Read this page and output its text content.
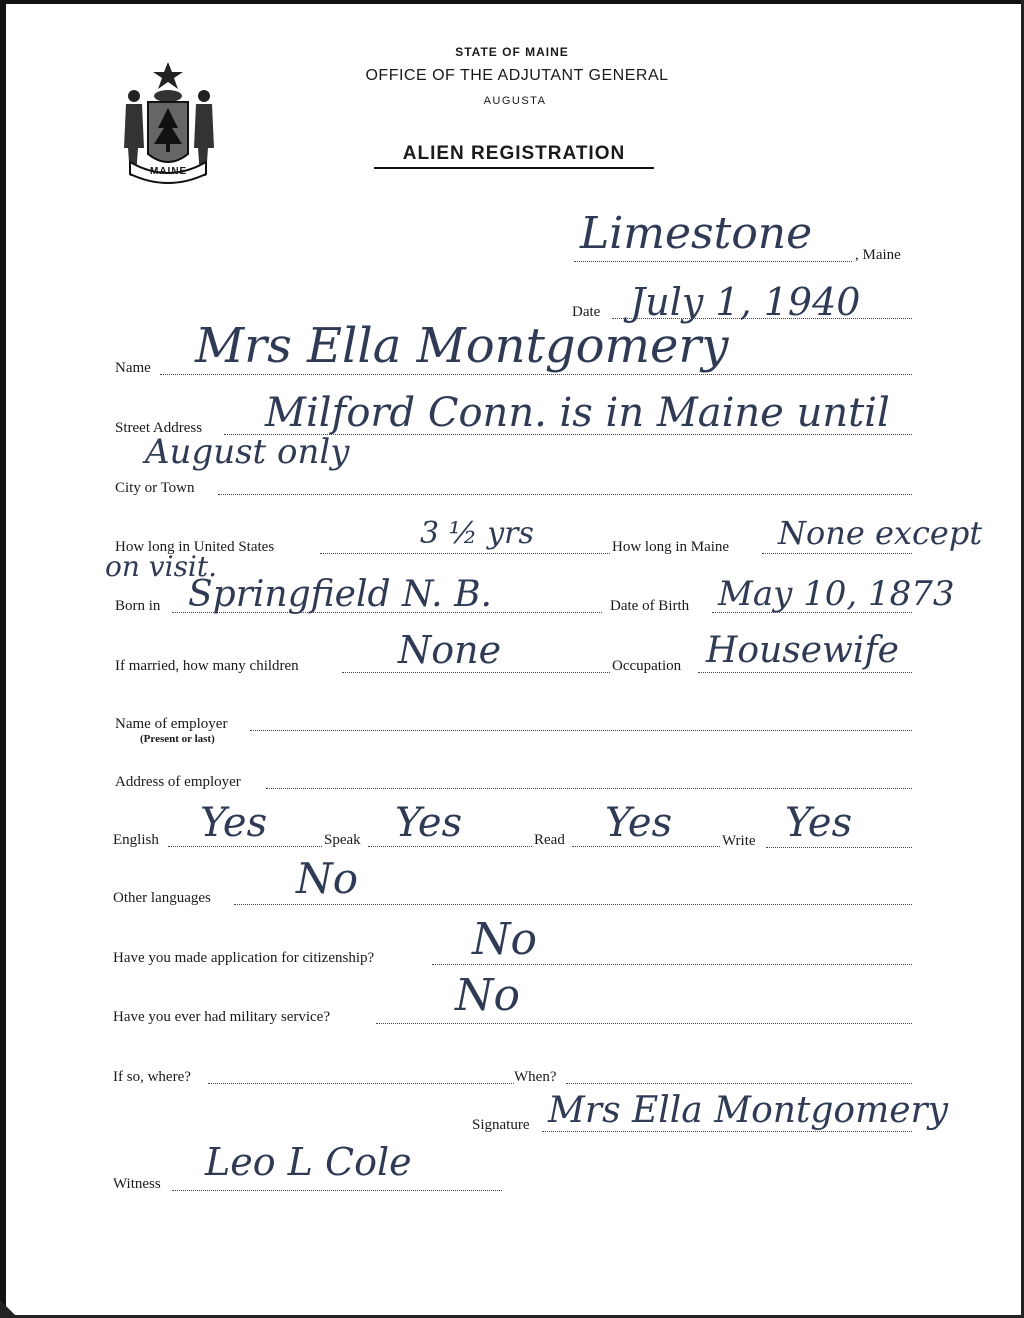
MAINE
STATE OF MAINE
OFFICE OF THE ADJUTANT GENERAL
AUGUSTA
ALIEN REGISTRATION
Limestone	, Maine
Date July 1, 1940
Name Mrs Ella Montgomery
Street Address Milford Conn. is in Maine until
August only
City or Town
How long in United States	3 ½ yrs	How long in Maine None except
on visit.
Born in Springfield N. B.	Date of Birth May 10, 1873
If married, how many children	None	Occupation Housewife
Name of employer
(Present or last)
Address of employer
English Yes	Speak Yes	Read Yes	Write Yes
Other languages No
Have you made application for citizenship? No
Have you ever had military service?	No
If so, where?	When?
Signature Mrs Ella Montgomery
Witness Leo L Cole
